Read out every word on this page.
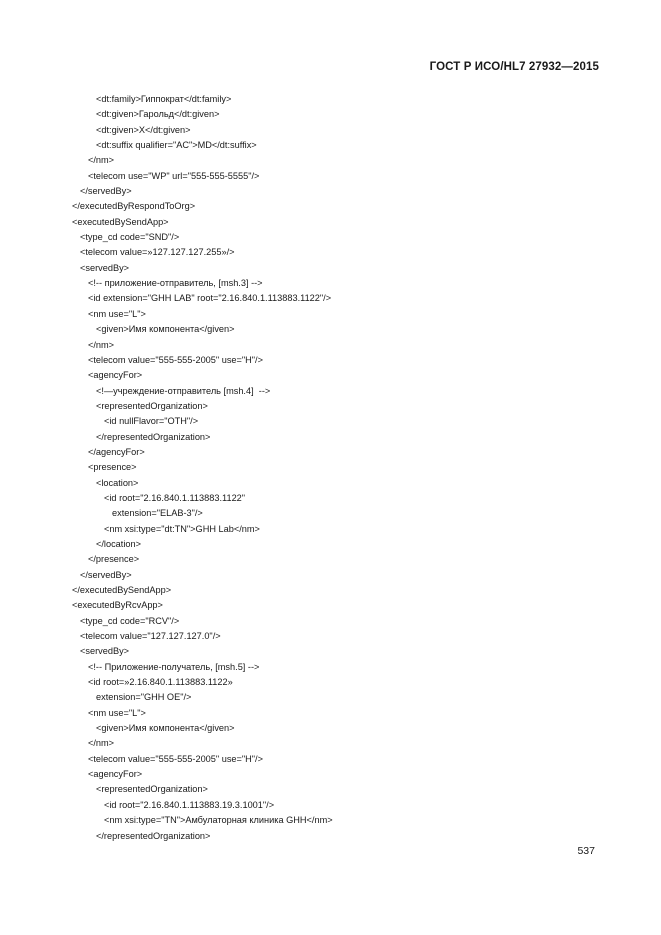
ГОСТ Р ИСО/HL7 27932—2015
<dt:family>Гиппократ</dt:family>
<dt:given>Гарольд</dt:given>
<dt:given>X</dt:given>
<dt:suffix qualifier="AC">MD</dt:suffix>
</nm>
<telecom use="WP" url="555-555-5555"/>
</servedBy>
</executedByRespondToOrg>
<executedBySendApp>
<type_cd code="SND"/>
<telecom value=»127.127.127.255»/>
<servedBy>
<!-- приложение-отправитель, [msh.3] -->
<id extension="GHH LAB" root="2.16.840.1.113883.1122"/>
<nm use="L">
<given>Имя компонента</given>
</nm>
<telecom value="555-555-2005" use="H"/>
<agencyFor>
<!—учреждение-отправитель [msh.4]  -->
<representedOrganization>
<id nullFlavor="OTH"/>
</representedOrganization>
</agencyFor>
<presence>
<location>
<id root="2.16.840.1.113883.1122"
extension="ELAB-3"/>
<nm xsi:type="dt:TN">GHH Lab</nm>
</location>
</presence>
</servedBy>
</executedBySendApp>
<executedByRcvApp>
<type_cd code="RCV"/>
<telecom value="127.127.127.0"/>
<servedBy>
<!-- Приложение-получатель, [msh.5] -->
<id root=»2.16.840.1.113883.1122»
extension="GHH OE"/>
<nm use="L">
<given>Имя компонента</given>
</nm>
<telecom value="555-555-2005" use="H"/>
<agencyFor>
<representedOrganization>
<id root="2.16.840.1.113883.19.3.1001"/>
<nm xsi:type="TN">Амбулаторная клиника GHH</nm>
</representedOrganization>
537
